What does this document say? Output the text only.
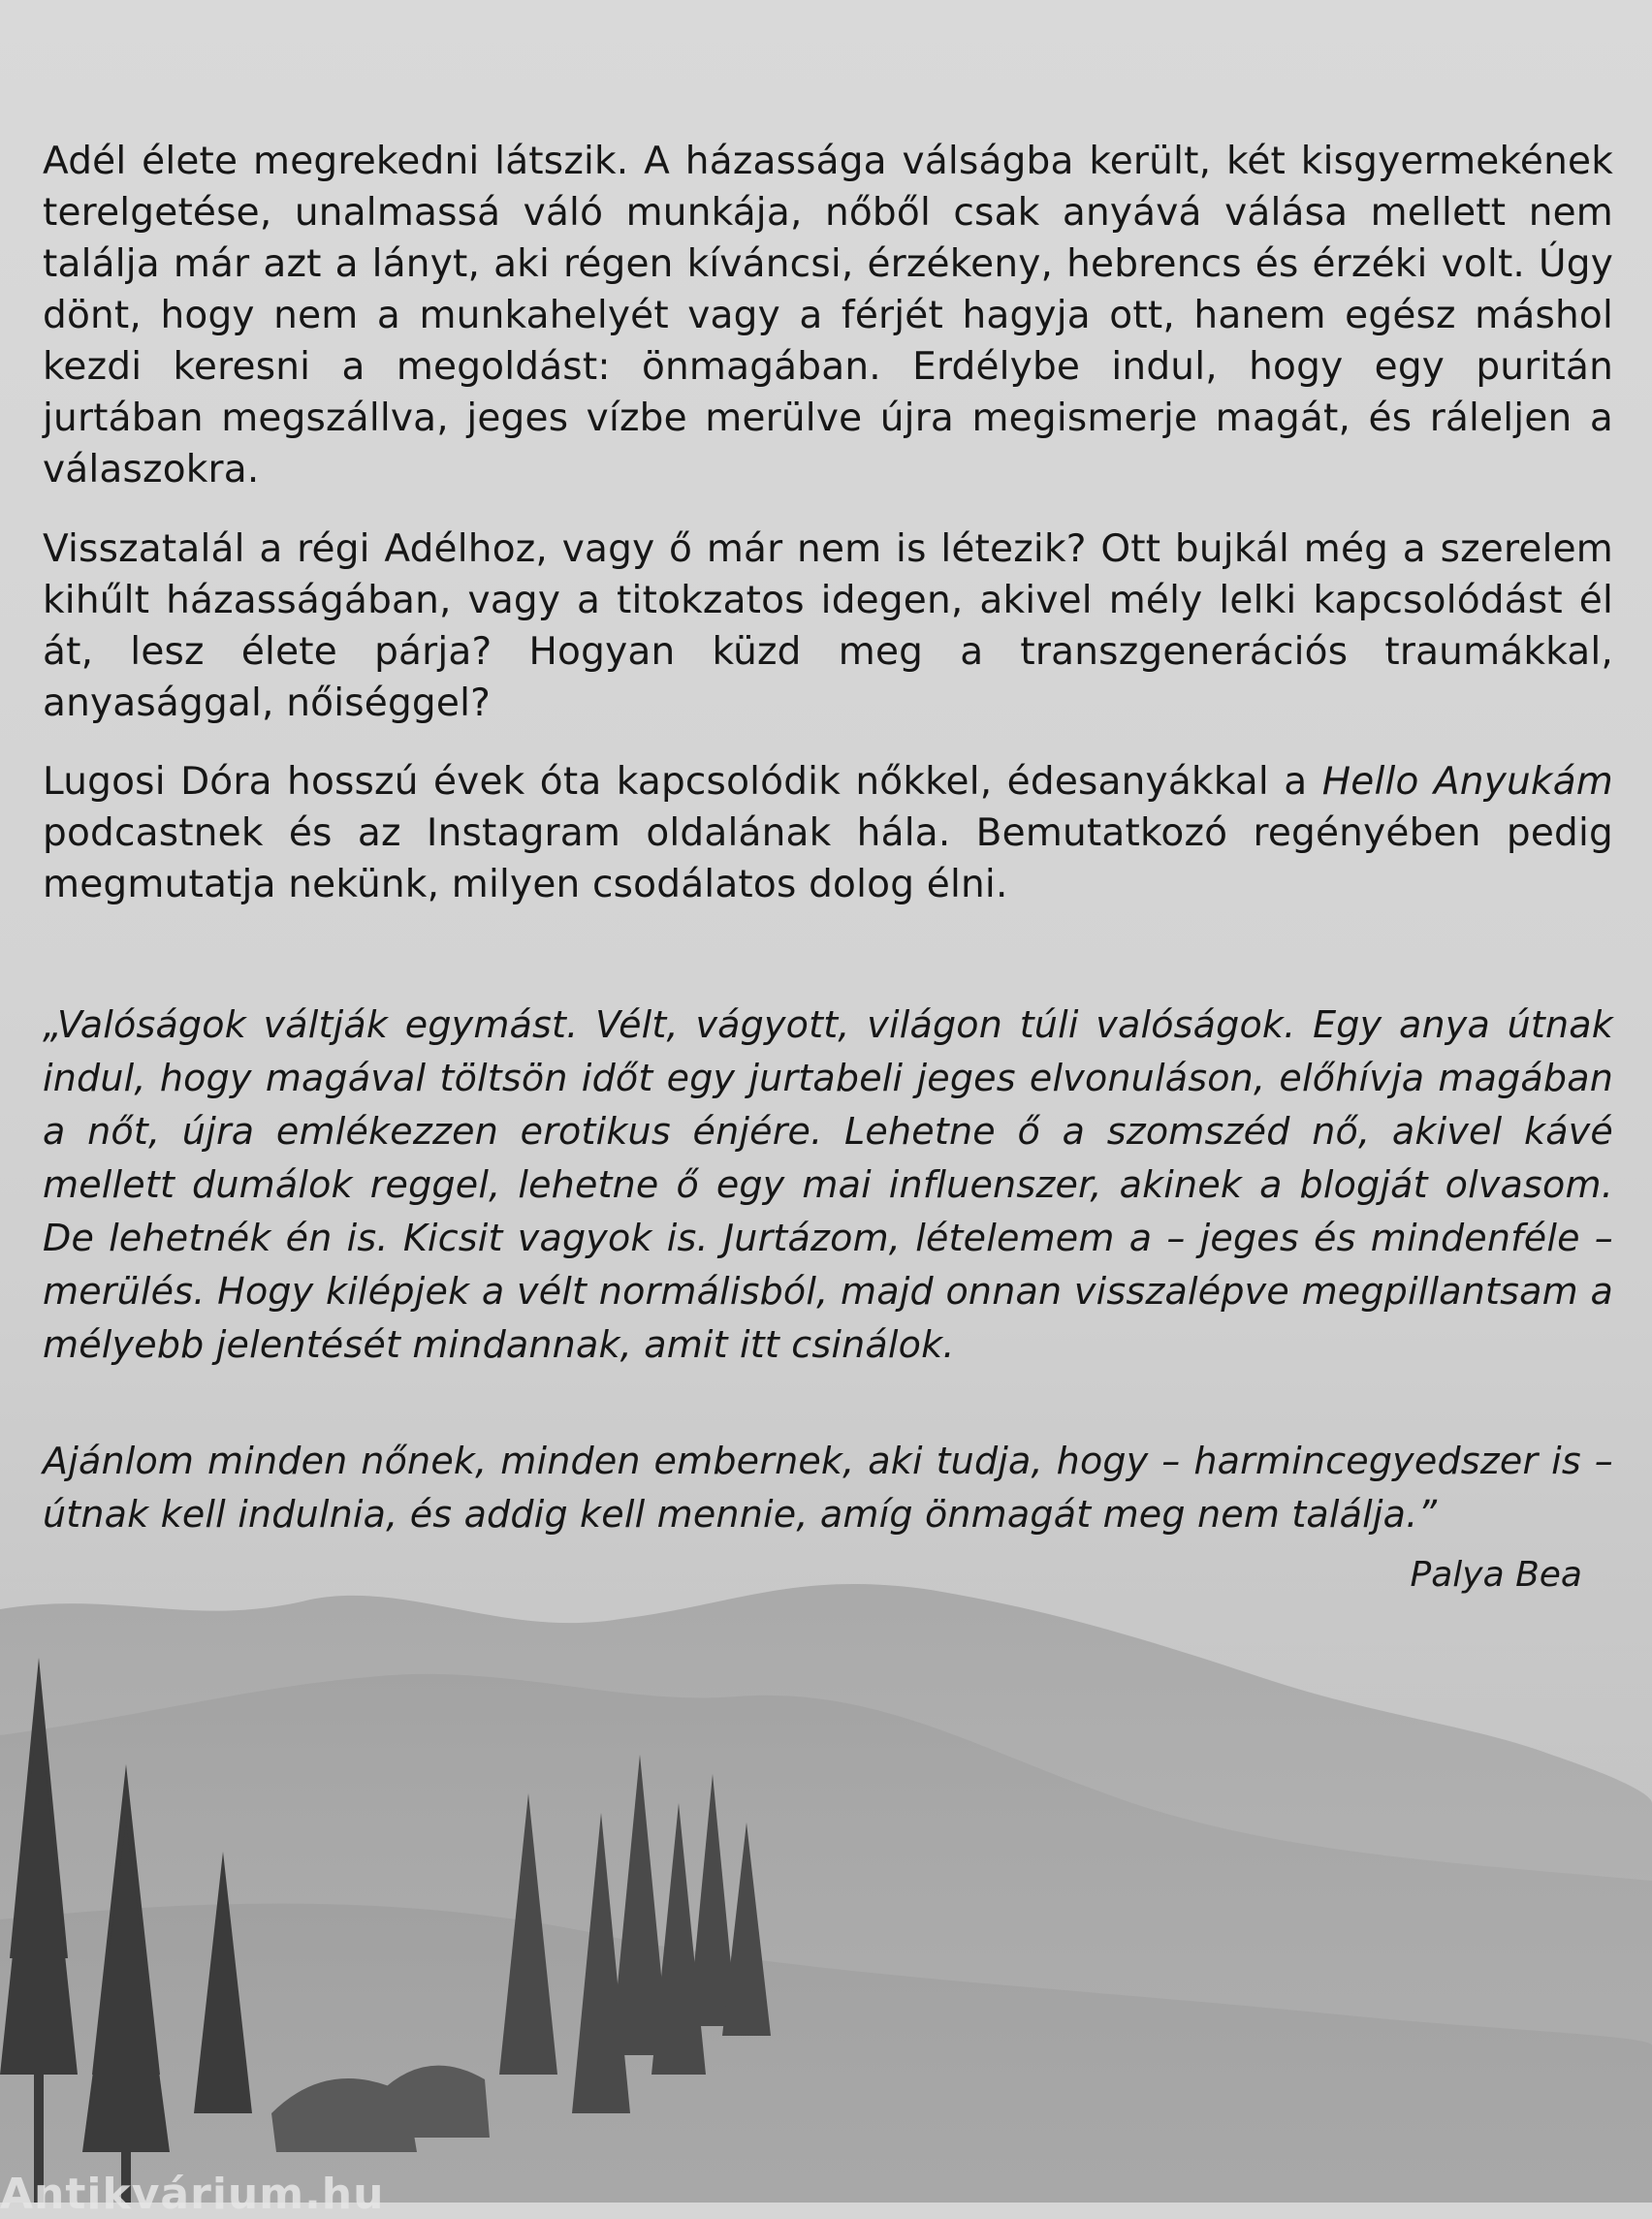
Adél élete megrekedni látszik. A házassága válságba került, két kisgyermekének terelgetése, unalmassá váló munkája, nőből csak anyává válása mellett nem találja már azt a lányt, aki régen kíváncsi, érzékeny, hebrencs és érzéki volt. Úgy dönt, hogy nem a munkahelyét vagy a férjét hagyja ott, hanem egész máshol kezdi keresni a megoldást: önmagában. Erdélybe indul, hogy egy puritán jurtában megszállva, jeges vízbe merülve újra megismerje magát, és ráleljen a válaszokra.

Visszatalál a régi Adélhoz, vagy ő már nem is létezik? Ott bujkál még a szerelem kihűlt házasságában, vagy a titokzatos idegen, akivel mély lelki kapcsolódást él át, lesz élete párja? Hogyan küzd meg a transzgenerációs traumákkal, anyasággal, nőiséggel?

Lugosi Dóra hosszú évek óta kapcsolódik nőkkel, édesanyákkal a Hello Anyukám podcastnek és az Instagram oldalának hála. Bemutatkozó regényében pedig megmutatja nekünk, milyen csodálatos dolog élni.

„Valóságok váltják egymást. Vélt, vágyott, világon túli valóságok. Egy anya útnak indul, hogy magával töltsön időt egy jurtabeli jeges elvonuláson, előhívja magában a nőt, újra emlékezzen erotikus énjére. Lehetne ő a szomszéd nő, akivel kávé mellett dumálok reggel, lehetne ő egy mai influenszer, akinek a blogját olvasom. De lehetnék én is. Kicsit vagyok is. Jurtázom, lételemem a – jeges és mindenféle – merülés. Hogy kilépjek a vélt normálisból, majd onnan visszalépve megpillantsam a mélyebb jelentését mindannak, amit itt csinálok.

Ajánlom minden nőnek, minden embernek, aki tudja, hogy – harmincegyedszer is – útnak kell indulnia, és addig kell mennie, amíg önmagát meg nem találja.”

Antikvárium.hu
